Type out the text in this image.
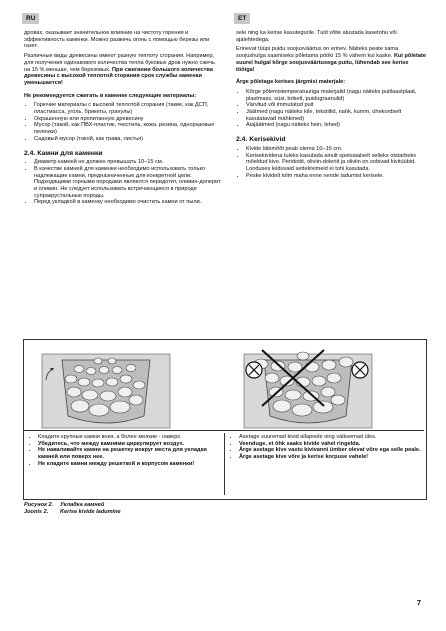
RU	ET

дровах, оказывает значительное влияние на чистоту горения и эффективность каменки. Можно разжечь огонь с помощью березы или газет.

Различные виды древесины имеют разную теплоту сгорания. Например, для получения одинакового количества тепла буковых дров нужно сжечь на 15 % меньше, чем березовых. При сжигании большого количества древесины с высокой теплотой сгорания срок службы каменки уменьшается!

Не рекомендуется сжигать в каменке следующие материалы:

• Горючие материалы с высокой теплотой сгорания (такие, как ДСП, пластмасса, уголь, брикеты, гранулы)
• Окрашенную или пропитанную древесину
• Мусор (такой, как ПВХ-пластик, текстиль, кожа, резина, одноразовые пеленки)
• Садовый мусор (такой, как трава, листья)
2.4. Камни для каменки
• Диаметр камней не должен превышать 10–15 см.
• В качестве камней для каменки необходимо использовать только надлежащие камни, предназначенные для конкретной цели. Подходящими горными породами являются перидотит, оливин-долерит и оливин. Не следует использовать встречающиеся в природе супракрустальные породы.
• Перед укладкой в каменку необходимо очистить камни от пыли.

sele ning ka kerise kasutegurile. Tuld võite alustada kasetohu või ajalehtedega.

Erinevat tüüpi puidu soojusväärtus on erinev. Näiteks peate sama soojushulga saamiseks põletama pööki 15 % vähem kui kaske. Kui põletate suurel hulgal kõrge soojusväärtusega puitu, lühendab see kerise tööiga!

Ärge põletage kerises järgmisi materjale:

• Kõrge põlemistemperatuuriga materjalid (nagu näiteks puitlaastplaat, plastmass, süsi, brikett, puidugraanulid)
• Värvitud või immutatud puit
• Jäätmed (nagu näiteks kile, tekstiilid, nahk, kumm, ühekordselt kasutatavad mähkmed)
• Aiajäätmed (nagu näiteks hein, lehed)
2.4. Kerisekivid
• Kivide läbimõõt peab olema 10–15 cm.
• Kerisekividena tuleks kasutada ainult spetsiaalselt selleks otstarbeks mõeldud kive. Peridotiit, oliviin-doleriit ja oliviin on sobivad kivitüübid. Looduses leiduvaid settekivimeid ei tohi kasutada.
• Peske kividelt tolm maha enne nende ladumist kerisele.
• Кладите крупные камни вниз, а более мелкие - наверх.
• Убедитесь, что между камнями циркулирует воздух.
• Не наваливайте камни на решетку вокруг места для укладки камней или поверх нее.
• Не кладите камни между решеткой и корпусом каменки!
• Asetage suuremad kivid allapoole ning väiksemad üles.
• Veenduge, et õhk saaks kivide vahel ringelda.
• Ärge asetage kive vastu kivivanni ümber olevat võre ega selle peale.
• Ärge asetage kive võre ja kerise korpuse vahele!
Рисунок 2. Укладка камней
Joonis 2. Kerise kivide ladumine
7
